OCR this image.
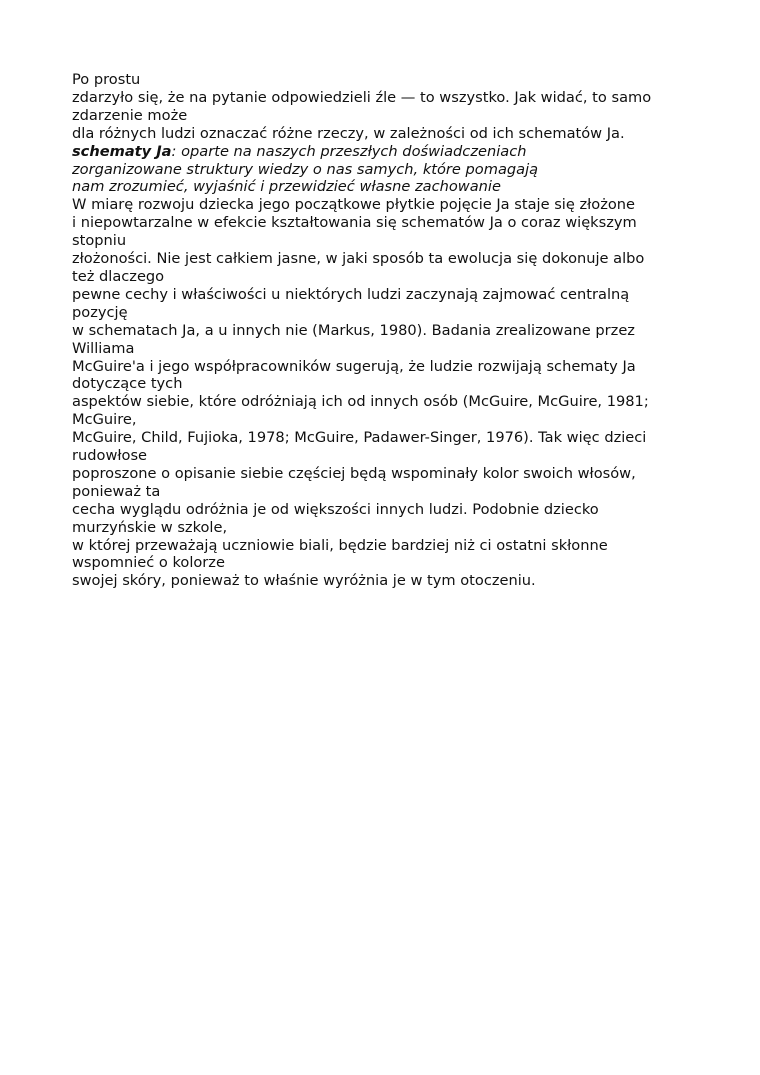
Po prostu
zdarzyło się, że na pytanie odpowiedzieli źle — to wszystko. Jak widać, to samo
zdarzenie może
dla różnych ludzi oznaczać różne rzeczy, w zależności od ich schematów Ja.
schematy Ja: oparte na naszych przeszłych doświadczeniach
zorganizowane struktury wiedzy o nas samych, które pomagają
nam zrozumieć, wyjaśnić i przewidzieć własne zachowanie
W miarę rozwoju dziecka jego początkowe płytkie pojęcie Ja staje się złożone
i niepowtarzalne w efekcie kształtowania się schematów Ja o coraz większym
stopniu
złożoności. Nie jest całkiem jasne, w jaki sposób ta ewolucja się dokonuje albo
też dlaczego
pewne cechy i właściwości u niektórych ludzi zaczynają zajmować centralną
pozycję
w schematach Ja, a u innych nie (Markus, 1980). Badania zrealizowane przez
Williama
McGuire'a i jego współpracowników sugerują, że ludzie rozwijają schematy Ja
dotyczące tych
aspektów siebie, które odróżniają ich od innych osób (McGuire, McGuire, 1981;
McGuire,
McGuire, Child, Fujioka, 1978; McGuire, Padawer-Singer, 1976). Tak więc dzieci
rudowłose
poproszone o opisanie siebie częściej będą wspominały kolor swoich włosów,
ponieważ ta
cecha wyglądu odróżnia je od większości innych ludzi. Podobnie dziecko
murzyńskie w szkole,
w której przeważają uczniowie biali, będzie bardziej niż ci ostatni skłonne
wspomnieć o kolorze
swojej skóry, ponieważ to właśnie wyróżnia je w tym otoczeniu.
